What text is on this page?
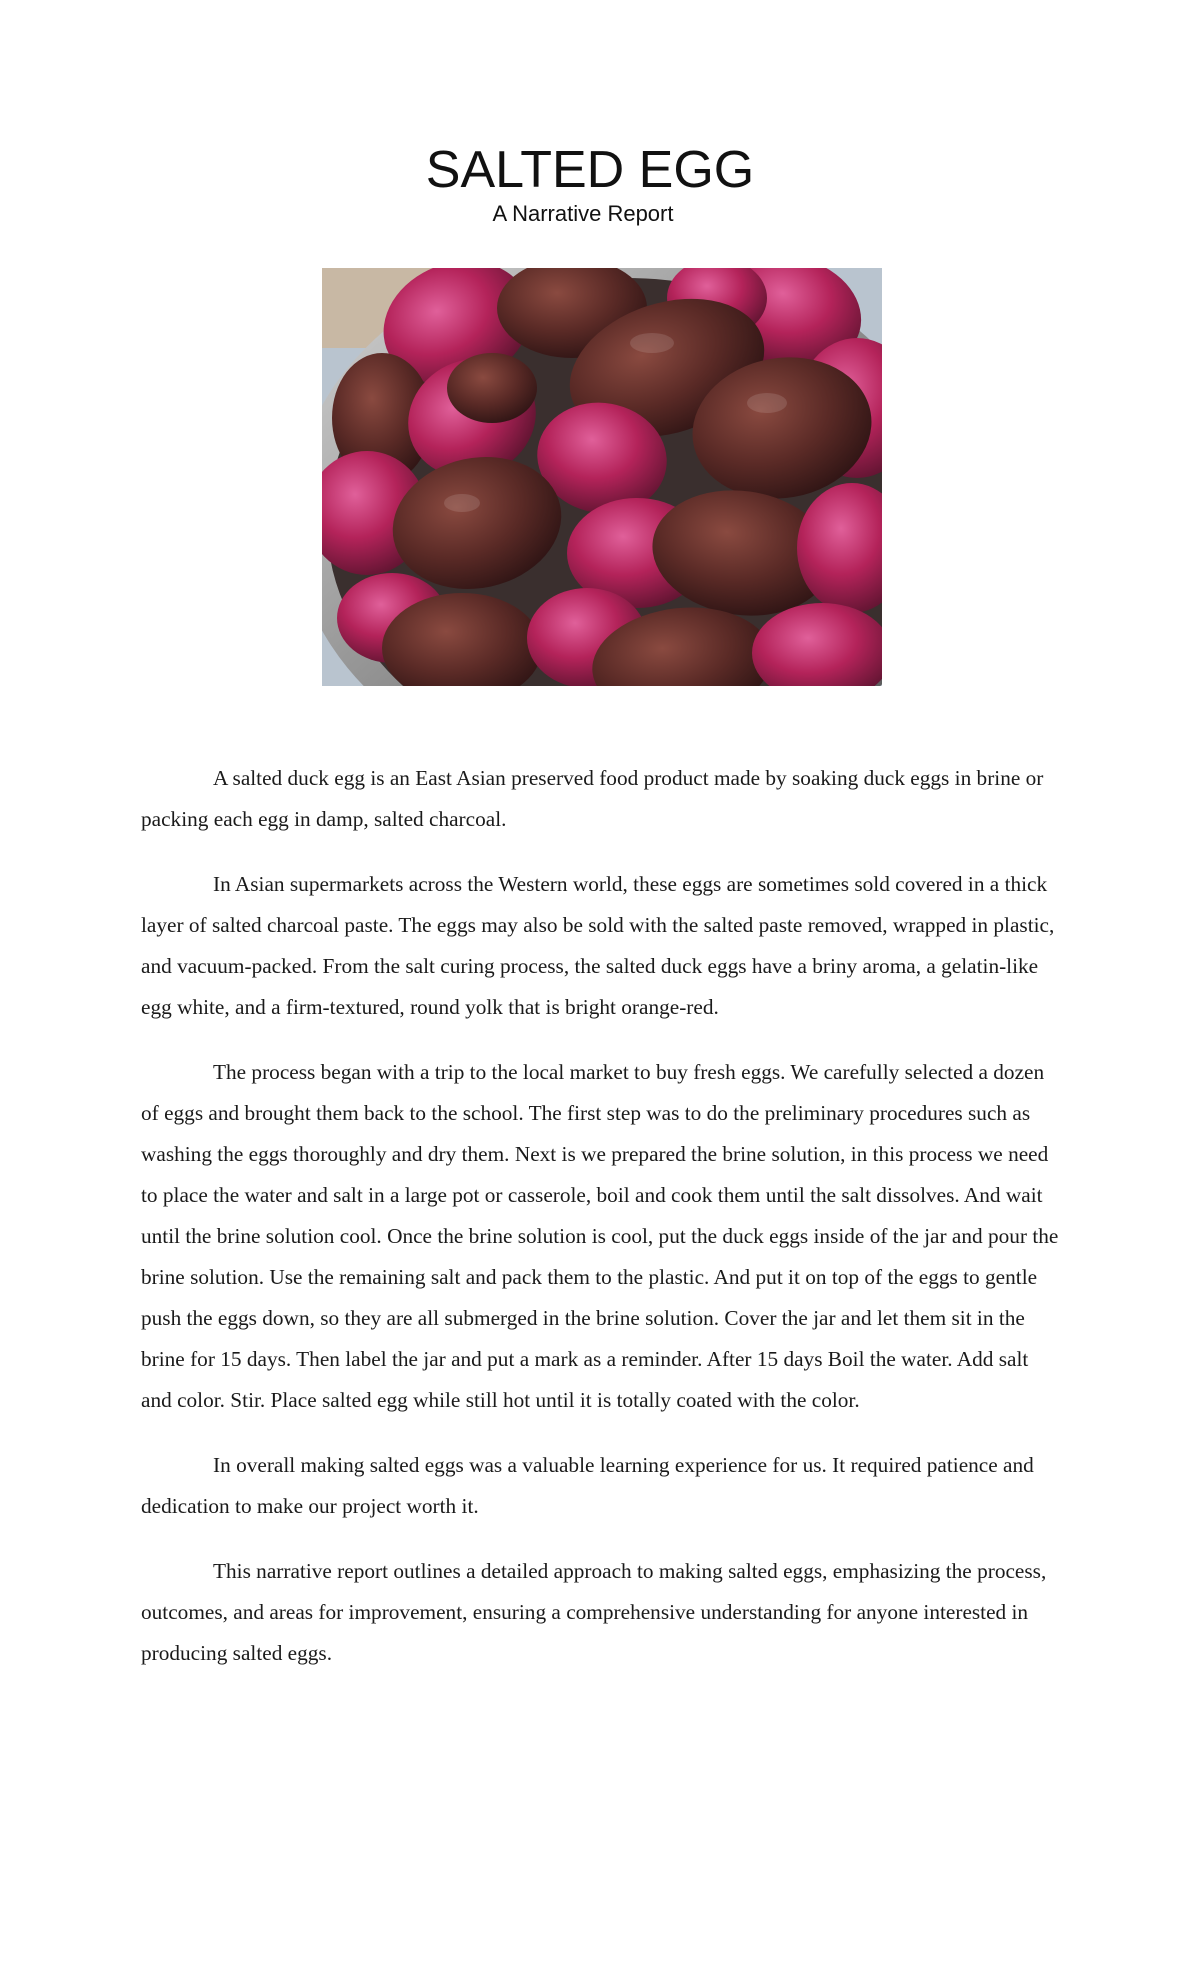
SALTED EGG
A Narrative Report

A salted duck egg is an East Asian preserved food product made by soaking duck eggs in brine or packing each egg in damp, salted charcoal.

In Asian supermarkets across the Western world, these eggs are sometimes sold covered in a thick layer of salted charcoal paste. The eggs may also be sold with the salted paste removed, wrapped in plastic, and vacuum-packed. From the salt curing process, the salted duck eggs have a briny aroma, a gelatin-like egg white, and a firm-textured, round yolk that is bright orange-red.

The process began with a trip to the local market to buy fresh eggs. We carefully selected a dozen of eggs and brought them back to the school. The first step was to do the preliminary procedures such as washing the eggs thoroughly and dry them. Next is we prepared the brine solution, in this process we need to place the water and salt in a large pot or casserole, boil and cook them until the salt dissolves. And wait until the brine solution cool. Once the brine solution is cool, put the duck eggs inside of the jar and pour the brine solution. Use the remaining salt and pack them to the plastic. And put it on top of the eggs to gentle push the eggs down, so they are all submerged in the brine solution. Cover the jar and let them sit in the brine for 15 days. Then label the jar and put a mark as a reminder. After 15 days Boil the water. Add salt and color. Stir. Place salted egg while still hot until it is totally coated with the color.

In overall making salted eggs was a valuable learning experience for us. It required patience and dedication to make our project worth it.

This narrative report outlines a detailed approach to making salted eggs, emphasizing the process, outcomes, and areas for improvement, ensuring a comprehensive understanding for anyone interested in producing salted eggs.
